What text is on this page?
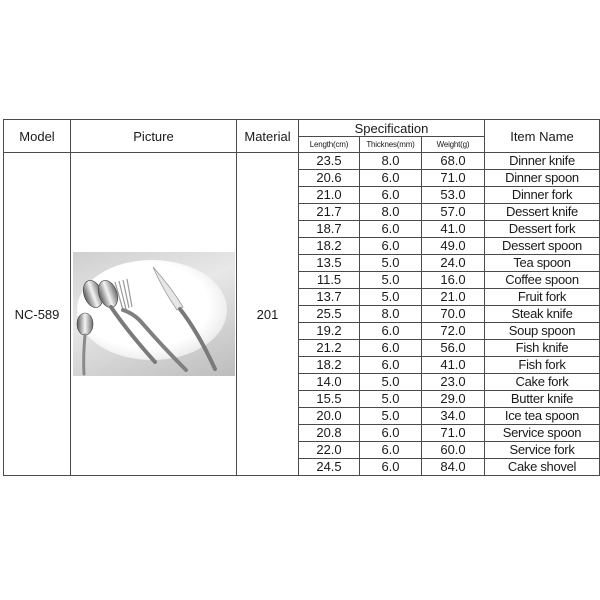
Model	Picture	Material	Specification			Item Name
			Length(cm)	Thicknes(mm)	Weight(g)	
NC-589		201	23.5	8.0	68.0	Dinner knife
			20.6	6.0	71.0	Dinner spoon
			21.0	6.0	53.0	Dinner fork
			21.7	8.0	57.0	Dessert knife
			18.7	6.0	41.0	Dessert fork
			18.2	6.0	49.0	Dessert spoon
			13.5	5.0	24.0	Tea spoon
			11.5	5.0	16.0	Coffee spoon
			13.7	5.0	21.0	Fruit fork
			25.5	8.0	70.0	Steak knife
			19.2	6.0	72.0	Soup spoon
			21.2	6.0	56.0	Fish knife
			18.2	6.0	41.0	Fish fork
			14.0	5.0	23.0	Cake fork
			15.5	5.0	29.0	Butter knife
			20.0	5.0	34.0	Ice tea spoon
			20.8	6.0	71.0	Service spoon
			22.0	6.0	60.0	Service fork
			24.5	6.0	84.0	Cake shovel
